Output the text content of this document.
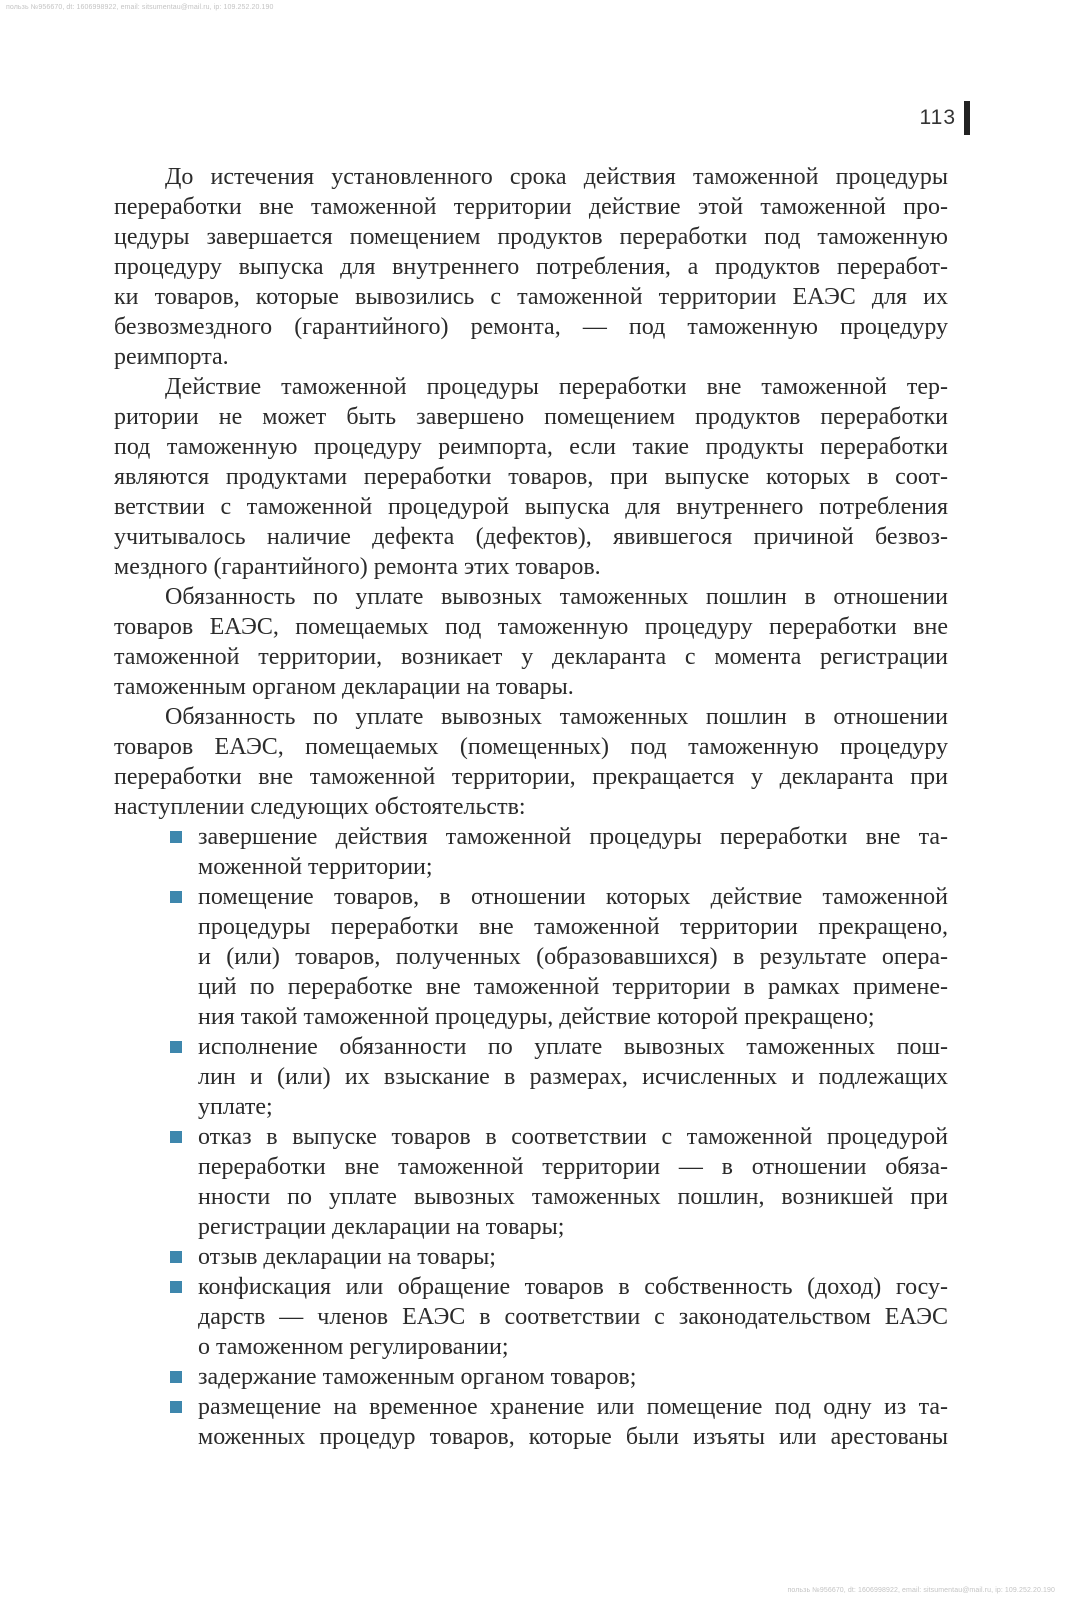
пользь №956670, dt: 1606998922, email: sitsumentau@mail.ru, ip: 109.252.20.190
113
До истечения установленного срока действия таможенной процедуры
переработки вне таможенной территории действие этой таможенной про-
цедуры завершается помещением продуктов переработки под таможенную
процедуру выпуска для внутреннего потребления, а продуктов переработ-
ки товаров, которые вывозились с таможенной территории ЕАЭС для их
безвозмездного (гарантийного) ремонта, — под таможенную процедуру
реимпорта.
Действие таможенной процедуры переработки вне таможенной тер-
ритории не может быть завершено помещением продуктов переработки
под таможенную процедуру реимпорта, если такие продукты переработки
являются продуктами переработки товаров, при выпуске которых в соот-
ветствии с таможенной процедурой выпуска для внутреннего потребления
учитывалось наличие дефекта (дефектов), явившегося причиной безвоз-
мездного (гарантийного) ремонта этих товаров.
Обязанность по уплате вывозных таможенных пошлин в отношении
товаров ЕАЭС, помещаемых под таможенную процедуру переработки вне
таможенной территории, возникает у декларанта с момента регистрации
таможенным органом декларации на товары.
Обязанность по уплате вывозных таможенных пошлин в отношении
товаров ЕАЭС, помещаемых (помещенных) под таможенную процедуру
переработки вне таможенной территории, прекращается у декларанта при
наступлении следующих обстоятельств:
завершение действия таможенной процедуры переработки вне та-
моженной территории;
помещение товаров, в отношении которых действие таможенной
процедуры переработки вне таможенной территории прекращено,
и (или) товаров, полученных (образовавшихся) в результате опера-
ций по переработке вне таможенной территории в рамках примене-
ния такой таможенной процедуры, действие которой прекращено;
исполнение обязанности по уплате вывозных таможенных пош-
лин и (или) их взыскание в размерах, исчисленных и подлежащих
уплате;
отказ в выпуске товаров в соответствии с таможенной процедурой
переработки вне таможенной территории — в отношении обяза-
нности по уплате вывозных таможенных пошлин, возникшей при
регистрации декларации на товары;
отзыв декларации на товары;
конфискация или обращение товаров в собственность (доход) госу-
дарств — членов ЕАЭС в соответствии с законодательством ЕАЭС
о таможенном регулировании;
задержание таможенным органом товаров;
размещение на временное хранение или помещение под одну из та-
моженных процедур товаров, которые были изъяты или арестованы
пользь №956670, dt: 1606998922, email: sitsumentau@mail.ru, ip: 109.252.20.190
